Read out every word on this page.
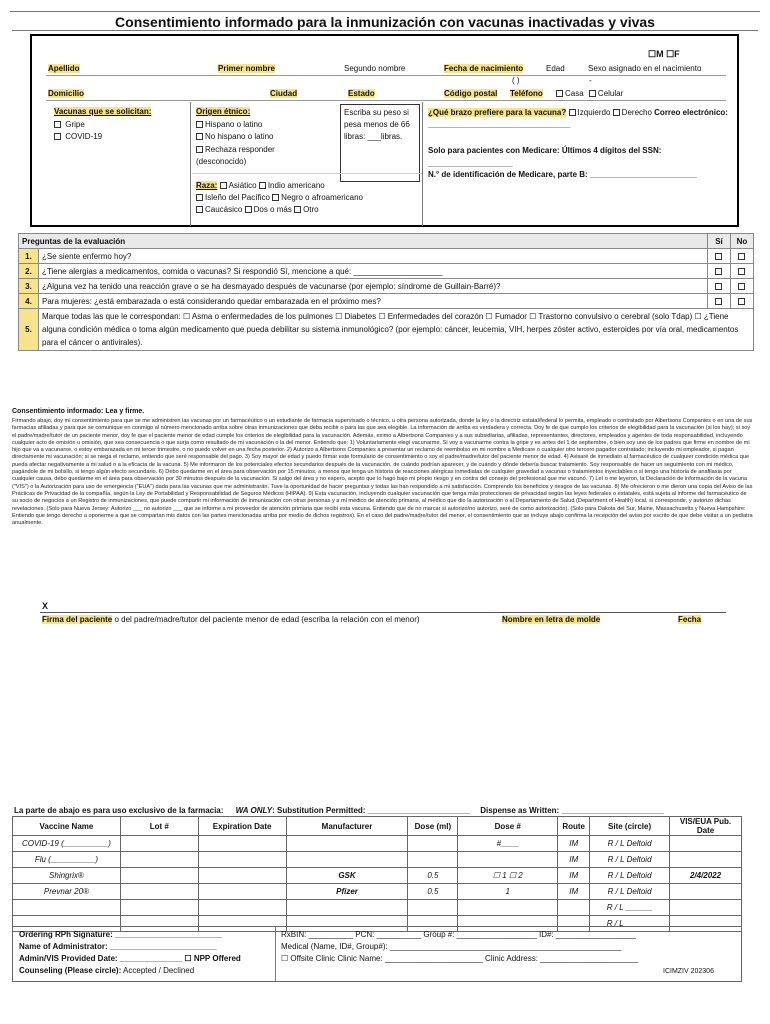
Consentimiento informado para la inmunización con vacunas inactivadas y vivas
☐M ☐F
Apellido	Primer nombre	Segundo nombre	Fecha de nacimiento	Edad
( )
Sexo asignado en el nacimiento
-
Domicilio	Ciudad	Estado	Código postal Teléfono	Casa Celular
Vacunas que se solicitan:
Gripe
COVID-19
Origen étnico:
Hispano o latino
No hispano o latino
Rechaza responder (desconocido)
Escriba su peso si pesa menos de 66 libras: ___libras.
¿Qué brazo prefiere para la vacuna? Izquierdo Derecho Correo electrónico: ________________________________
Solo para pacientes con Medicare: Últimos 4 dígitos del SSN: ___________________
N.° de identificación de Medicare, parte B: ________________________
Raza: Asiático Indio americano
Isleño del Pacífico Negro o afroamericano
Caucásico Dos o más Otro
Preguntas de la evaluación		Sí	No
1.	¿Se siente enfermo hoy?		
2.	¿Tiene alergias a medicamentos, comida o vacunas? Si respondió Sí, mencione a qué: ____________________		
3.	¿Alguna vez ha tenido una reacción grave o se ha desmayado después de vacunarse (por ejemplo: síndrome de Guillain-Barré)?		
4.	Para mujeres: ¿está embarazada o está considerando quedar embarazada en el próximo mes?		
5.	Marque todas las que le correspondan: ☐ Asma o enfermedades de los pulmones ☐ Diabetes ☐ Enfermedades del corazón ☐ Fumador ☐ Trastorno convulsivo o cerebral (solo Tdap) ☐ ¿Tiene alguna condición médica o toma algún medicamento que pueda debilitar su sistema inmunológico? (por ejemplo: cáncer, leucemia, VIH, herpes zóster activo, esteroides por vía oral, medicamentos para el cáncer o antivirales).		
Consentimiento informado: Lea y firme.
Firmando abajo, doy mi consentimiento para que se me administren las vacunas por un farmacéutico o un estudiante de farmacia supervisado o técnico, u otra persona autorizada, donde la ley o la directriz estatal/federal lo permita, empleado o contratado por Albertsons Companies o en una de sus farmacias afiliadas y para que se comunique en conmigo al número mencionado arriba sobre otras inmunizaciones que deba recibir o para las que sea elegible. La información de arriba es verdadera y correcta. Doy fe de que cumplo los criterios de elegibilidad para la vacunación (si los hay); si soy el padre/madre/tutor de un paciente menor, doy fe que el paciente menor de edad cumple los criterios de elegibilidad para la vacunación. Además, eximo a Albertsons Companies y a sus subsidiarias, afiliadas, representantes, directores, empleados y agentes de toda responsabilidad, incluyendo cualquier acto de omisión u omisión, que sea consecuencia o que surja como resultado de mi vacunación o la del menor. Entiendo que: 1) Voluntariamente elegí vacunarme. Si voy a vacunarme contra la gripe y es antes del 1 de septiembre, o bien soy uno de los padres que firme en nombre de mi hijo que va a vacunarse, o estoy embarazada en mi tercer trimestre, o no puedo volver en una fecha posterior. 2) Autorizo a Albertsons Companies a presentar un reclamo de reembolso en mi nombre a Medicare o cualquier otro tercero pagador contratado; incluyendo mi empleador, si pagan directamente mi vacunación; si se niega el reclamo, entiendo que seré responsable del pago. 3) Soy mayor de edad y puedo firmar este formulario de consentimiento o soy el padre/madre/tutor del paciente menor de edad. 4) Avisaré de inmediato al farmacéutico de cualquier condición médica que pueda afectar negativamente a mi salud o a la eficacia de la vacuna. 5) Me informaron de los potenciales efectos secundarios después de la vacunación, de cuándo podrían aparecer, y de cuándo y dónde debería buscar tratamiento. Soy responsable de hacer un seguimiento con mi médico, pagándole de mi bolsillo, si tengo algún efecto secundario. 6) Debo quedarme en el área para observación por 15 minutos, a menos que tenga un historia de reacciones alérgicas inmediatas de cualquier gravedad a vacunas o tratamientos inyectables o si tengo una historia de anafilaxia por cualquier causa, debo quedarme en el área para observación por 30 minutos después de la vacunación. Si salgo del área y no espero, acepto que lo hago bajo mi propio riesgo y en contra del consejo del profesional que me vacunó. 7) Leí o me leyeron, la Declaración de información de la vacuna ("VIS") o la Autorización para uso de emergencia ("EUA") dada para las vacunas que me administrarán. Tuve la oportunidad de hacer preguntas y todas las han respondido a mi satisfacción. Comprendo los beneficios y riesgos de las vacunas. 8) Me ofrecieron o me dieron una copia del Aviso de las Prácticas de Privacidad de la compañía, según la Ley de Portabilidad y Responsabilidad de Seguros Médicos (HIPAA). 9) Esta vacunación, incluyendo cualquier vacunación que tenga más protecciones de privacidad según las leyes federales o estatales, está sujeta al informe del farmacéutico de su socio de negocios a un Registro de inmunizaciones, que puede compartir mi información de inmunización con otras personas y a mi médico de atención primaria, al médico que dio la autorización o al Departamento de Salud (Department of Health) local, si corresponde, y autorizo dichas revelaciones. (Solo para Nueva Jersey: Autorizo ___ no autorizo ___ que se informe a mi proveedor de atención primaria que recibí esta vacuna. Entiendo que de no marcar si autorizo/no autorizo, seré de como autorización). (Solo para Dakota del Sur, Maine, Massachusetts y Nueva Hampshire: Entiendo que tengo derecho a oponerme a que se compartan mis datos con las partes mencionadas arriba por medio de dichos registros). En el caso del padre/madre/tutor del menor, el consentimiento que se incluye abajo confirma la recepción del aviso por escrito de que debe visitar a un pediatra anualmente.
X
Firma del paciente o del padre/madre/tutor del paciente menor de edad (escriba la relación con el menor)	Nombre en letra de molde	Fecha
La parte de abajo es para uso exclusivo de la farmacia: WA ONLY: Substitution Permitted: _______________________ Dispense as Written: _______________________
Vaccine Name	Lot #	Expiration Date	Manufacturer	Dose (ml)	Dose #	Route	Site (circle)	VIS/EUA Pub. Date
COVID-19 (__________)					#____	IM	R / L Deltoid	
Flu (__________)						IM	R / L Deltoid	
Shingrix®			GSK	0.5	☐ 1 ☐ 2	IM	R / L Deltoid	2/4/2022
Prevnar 20®			Pfizer	0.5	1	IM	R / L Deltoid	
							R / L ______	
							R / L ______	
Ordering RPh Signature: ________________________
Name of Administrator: ________________________
Admin/VIS Provided Date: ______________ ☐ NPP Offered
Counseling (Please circle): Accepted / Declined
RxBIN: __________ PCN: __________ Group #: __________________ ID#: __________________
Medical (Name, ID#, Group#): ____________________________________________________
☐ Offsite Clinic Clinic Name: ______________________ Clinic Address: ______________________
ICIMZIV 202306
